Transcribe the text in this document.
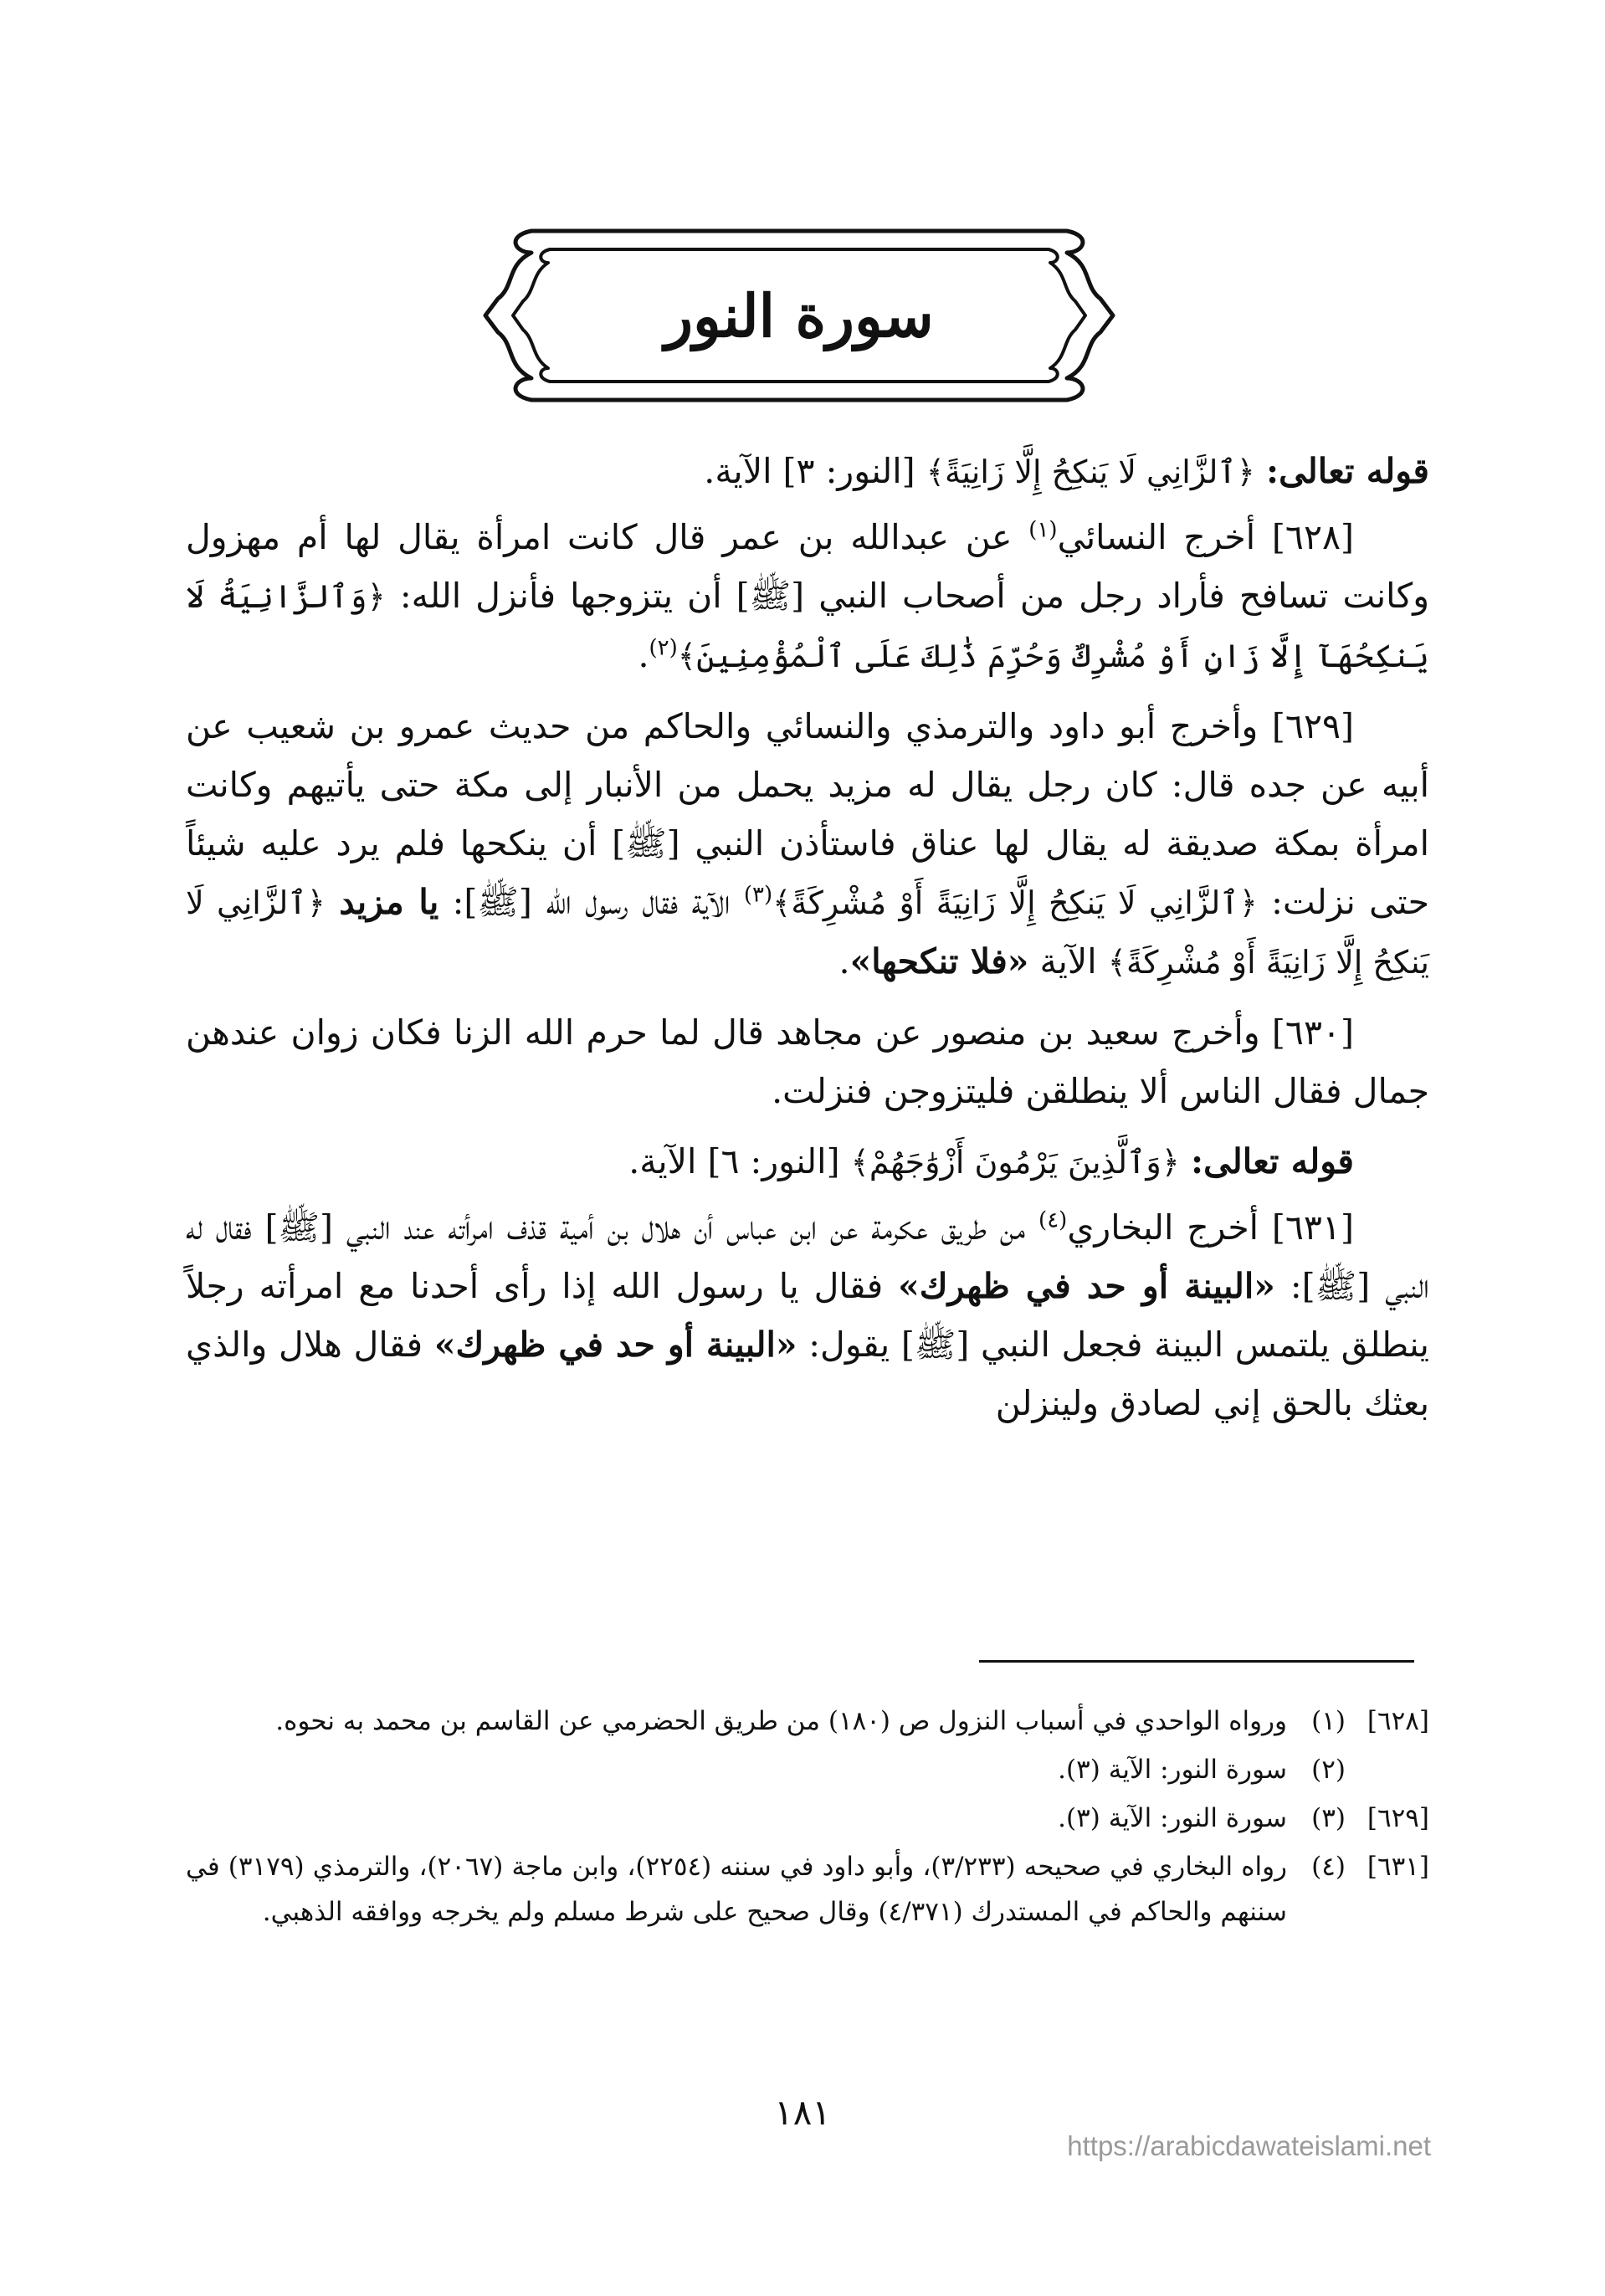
سورة النور

قوله تعالى: ﴿ٱلزَّانِي لَا يَنكِحُ إِلَّا زَانِيَةً﴾ [النور: ٣] الآية.

[٦٢٨] أخرج النسائي$^{(١)}$ عن عبدالله بن عمر قال كانت امرأة يقال لها أم مهزول وكانت تسافح فأراد رجل من أصحاب النبي [ﷺ] أن يتزوجها فأنزل الله: ﴿وَٱلزَّانِيَةُ لَا يَنكِحُهَآ إِلَّا زَانٍ أَوْ مُشْرِكٌ وَحُرِّمَ ذَٰلِكَ عَلَى ٱلْمُؤْمِنِينَ﴾$^{(٢)}$.

[٦٢٩] وأخرج أبو داود والترمذي والنسائي والحاكم من حديث عمرو بن شعيب عن أبيه عن جده قال: كان رجل يقال له مزيد يحمل من الأنبار إلى مكة حتى يأتيهم وكانت امرأة بمكة صديقة له يقال لها عناق فاستأذن النبي [ﷺ] أن ينكحها فلم يرد عليه شيئاً حتى نزلت: ﴿ٱلزَّانِي لَا يَنكِحُ إِلَّا زَانِيَةً أَوْ مُشْرِكَةً﴾$^{(٣)}$ الآية فقال رسول الله [ﷺ]: يا مزيد ﴿ٱلزَّانِي لَا يَنكِحُ إِلَّا زَانِيَةً أَوْ مُشْرِكَةً﴾ الآية «فلا تنكحها».

[٦٣٠] وأخرج سعيد بن منصور عن مجاهد قال لما حرم الله الزنا فكان زوان عندهن جمال فقال الناس ألا ينطلقن فليتزوجن فنزلت.

قوله تعالى: ﴿وَٱلَّذِينَ يَرْمُونَ أَزْوَٰجَهُمْ﴾ [النور: ٦] الآية.

[٦٣١] أخرج البخاري$^{(٤)}$ من طريق عكرمة عن ابن عباس أن هلال بن أمية قذف امرأته عند النبي [ﷺ] فقال له النبي [ﷺ]: «البينة أو حد في ظهرك» فقال يا رسول الله إذا رأى أحدنا مع امرأته رجلاً ينطلق يلتمس البينة فجعل النبي [ﷺ] يقول: «البينة أو حد في ظهرك» فقال هلال والذي بعثك بالحق إني لصادق ولينزلن

[٦٢٨]
(١)
ورواه الواحدي في أسباب النزول ص (١٨٠) من طريق الحضرمي عن القاسم بن محمد به نحوه.
(٢)
سورة النور: الآية (٣).
[٦٢٩]
(٣)
سورة النور: الآية (٣).
[٦٣١]
(٤)
رواه البخاري في صحيحه (٣/٢٣٣)، وأبو داود في سننه (٢٢٥٤)، وابن ماجة (٢٠٦٧)، والترمذي (٣١٧٩) في سننهم والحاكم في المستدرك (٤/٣٧١) وقال صحيح على شرط مسلم ولم يخرجه ووافقه الذهبي.
١٨١
https://arabicdawateislami.net
